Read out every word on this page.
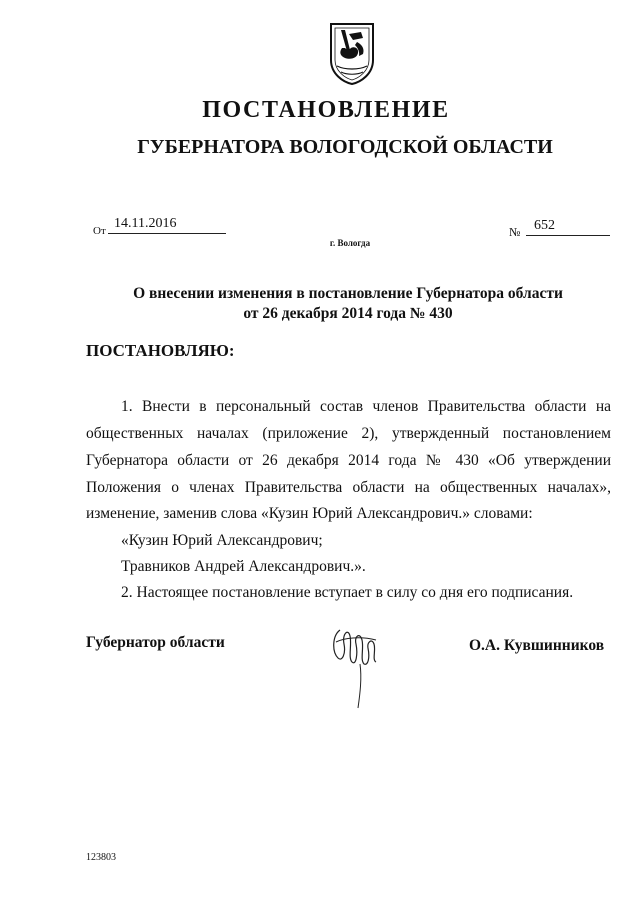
ПОСТАНОВЛЕНИЕ
ГУБЕРНАТОРА ВОЛОГОДСКОЙ ОБЛАСТИ
От 14.11.2016
№ 652
г. Вологда
О внесении изменения в постановление Губернатора области
от 26 декабря 2014 года № 430
ПОСТАНОВЛЯЮ:
1. Внести в персональный состав членов Правительства области на
общественных началах (приложение 2), утвержденный постановлением
Губернатора области от 26 декабря 2014 года № 430 «Об утверждении
Положения о членах Правительства области на общественных началах»,
изменение, заменив слова «Кузин Юрий Александрович.» словами:
«Кузин Юрий Александрович;
Травников Андрей Александрович.».
2. Настоящее постановление вступает в силу со дня его подписания.
Губернатор области	О.А. Кувшинников
123803
